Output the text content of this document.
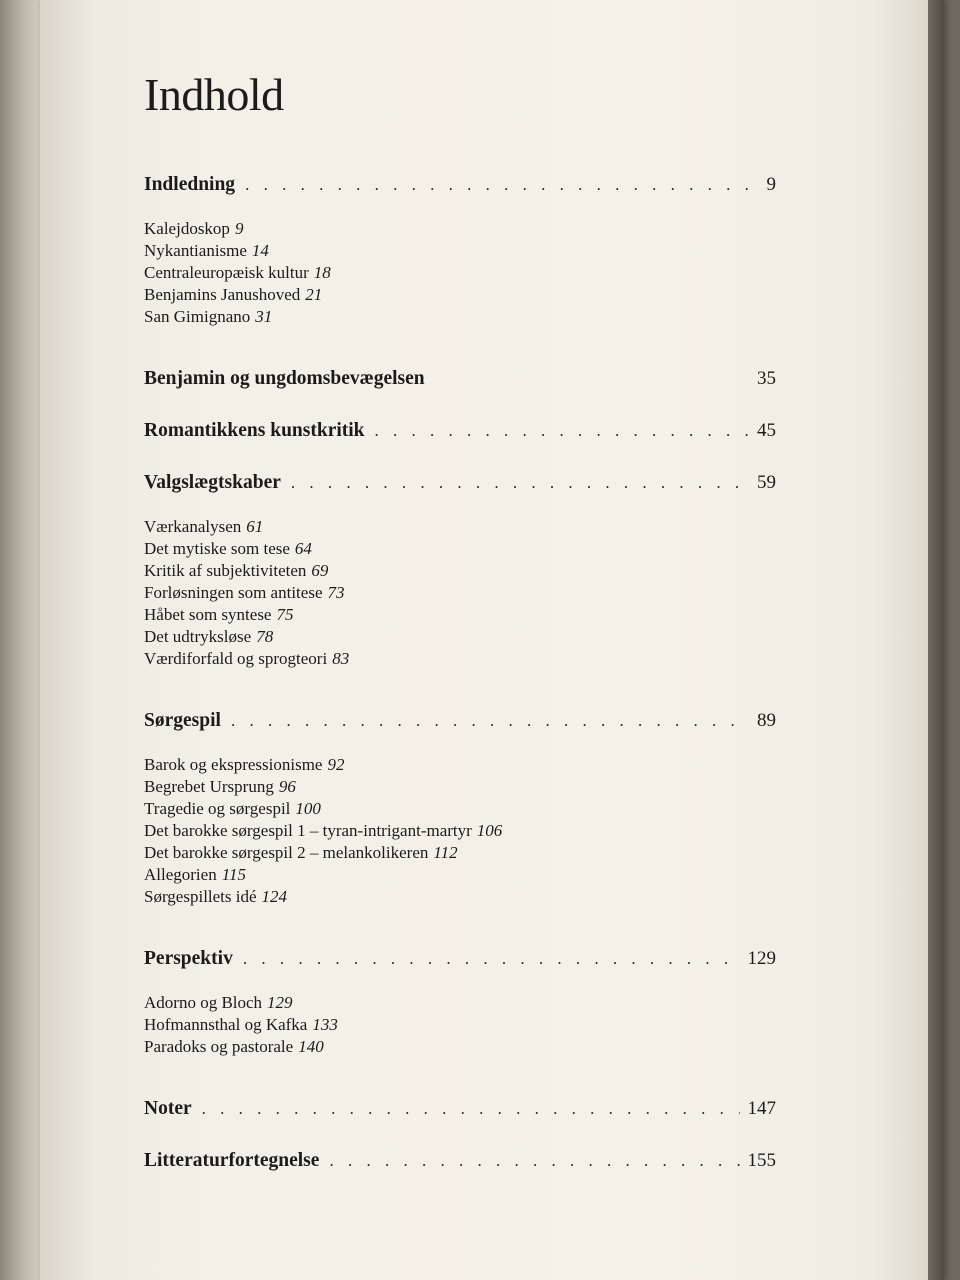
Indhold
Indledning . . .	9
Kalejdoskop 9
Nykantianisme 14
Centraleuropæisk kultur 18
Benjamins Janushoved 21
San Gimignano 31
Benjamin og ungdomsbevægelsen	35
Romantikkens kunstkritik . . .	45
Valgslægtskaber . . .	59
Værkanalysen 61
Det mytiske som tese 64
Kritik af subjektiviteten 69
Forløsningen som antitese 73
Håbet som syntese 75
Det udtryksløse 78
Værdiforfald og sprogteori 83
Sørgespil . . .	89
Barok og ekspressionisme 92
Begrebet Ursprung 96
Tragedie og sørgespil 100
Det barokke sørgespil 1 – tyran-intrigant-martyr 106
Det barokke sørgespil 2 – melankolikeren 112
Allegorien 115
Sørgespillets idé 124
Perspektiv . . .	129
Adorno og Bloch 129
Hofmannsthal og Kafka 133
Paradoks og pastorale 140
Noter . . .	147
Litteraturfortegnelse . . .	155
